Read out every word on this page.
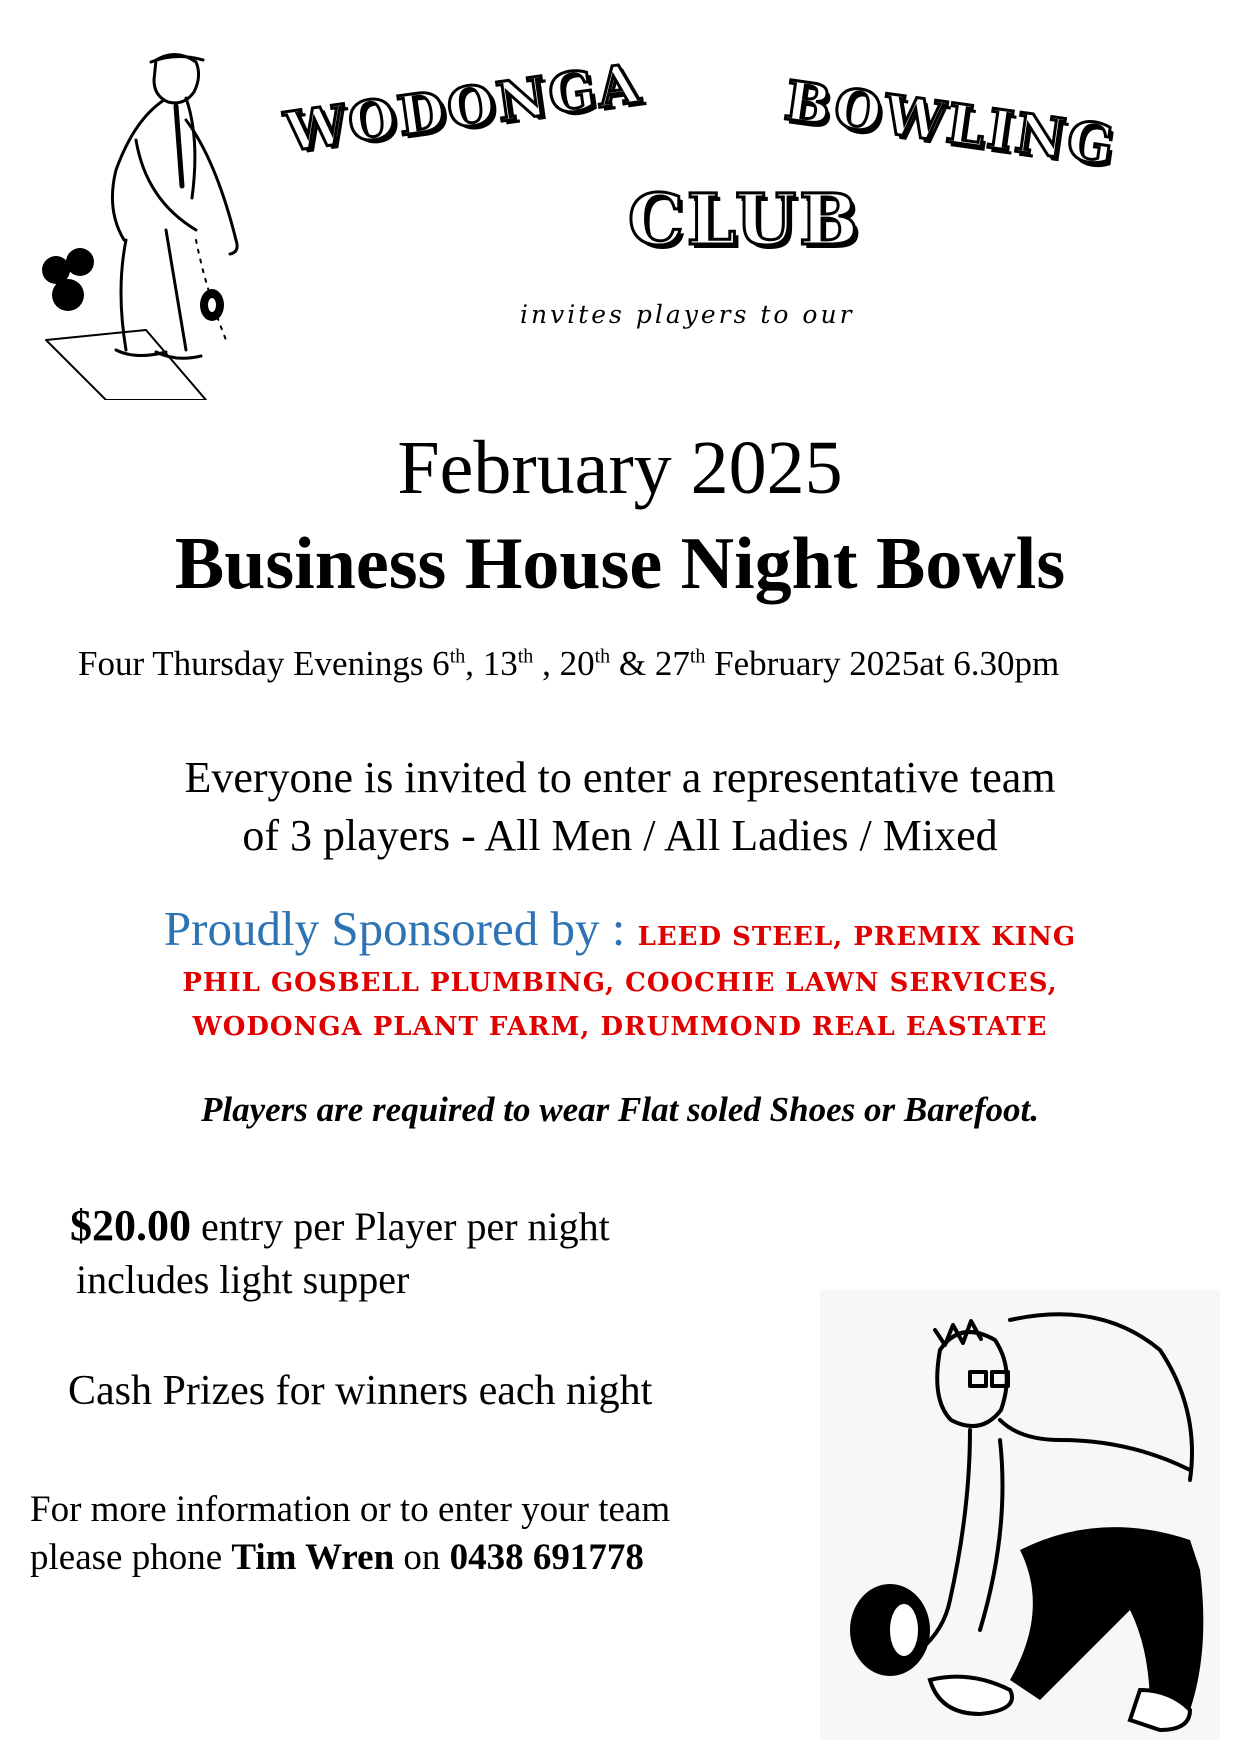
WODONGA BOWLING
CLUB
invites players to our
February 2025
Business House Night Bowls
Four Thursday Evenings 6th, 13th , 20th & 27th February 2025at 6.30pm
Everyone is invited to enter a representative team
of 3 players - All Men / All Ladies / Mixed
Proudly Sponsored by : LEED STEEL, PREMIX KING
PHIL GOSBELL PLUMBING, COOCHIE LAWN SERVICES,
WODONGA PLANT FARM, DRUMMOND REAL EASTATE
Players are required to wear Flat soled Shoes or Barefoot.
$20.00 entry per Player per night
includes light supper
Cash Prizes for winners each night
For more information or to enter your team
please phone Tim Wren on 0438 691778
